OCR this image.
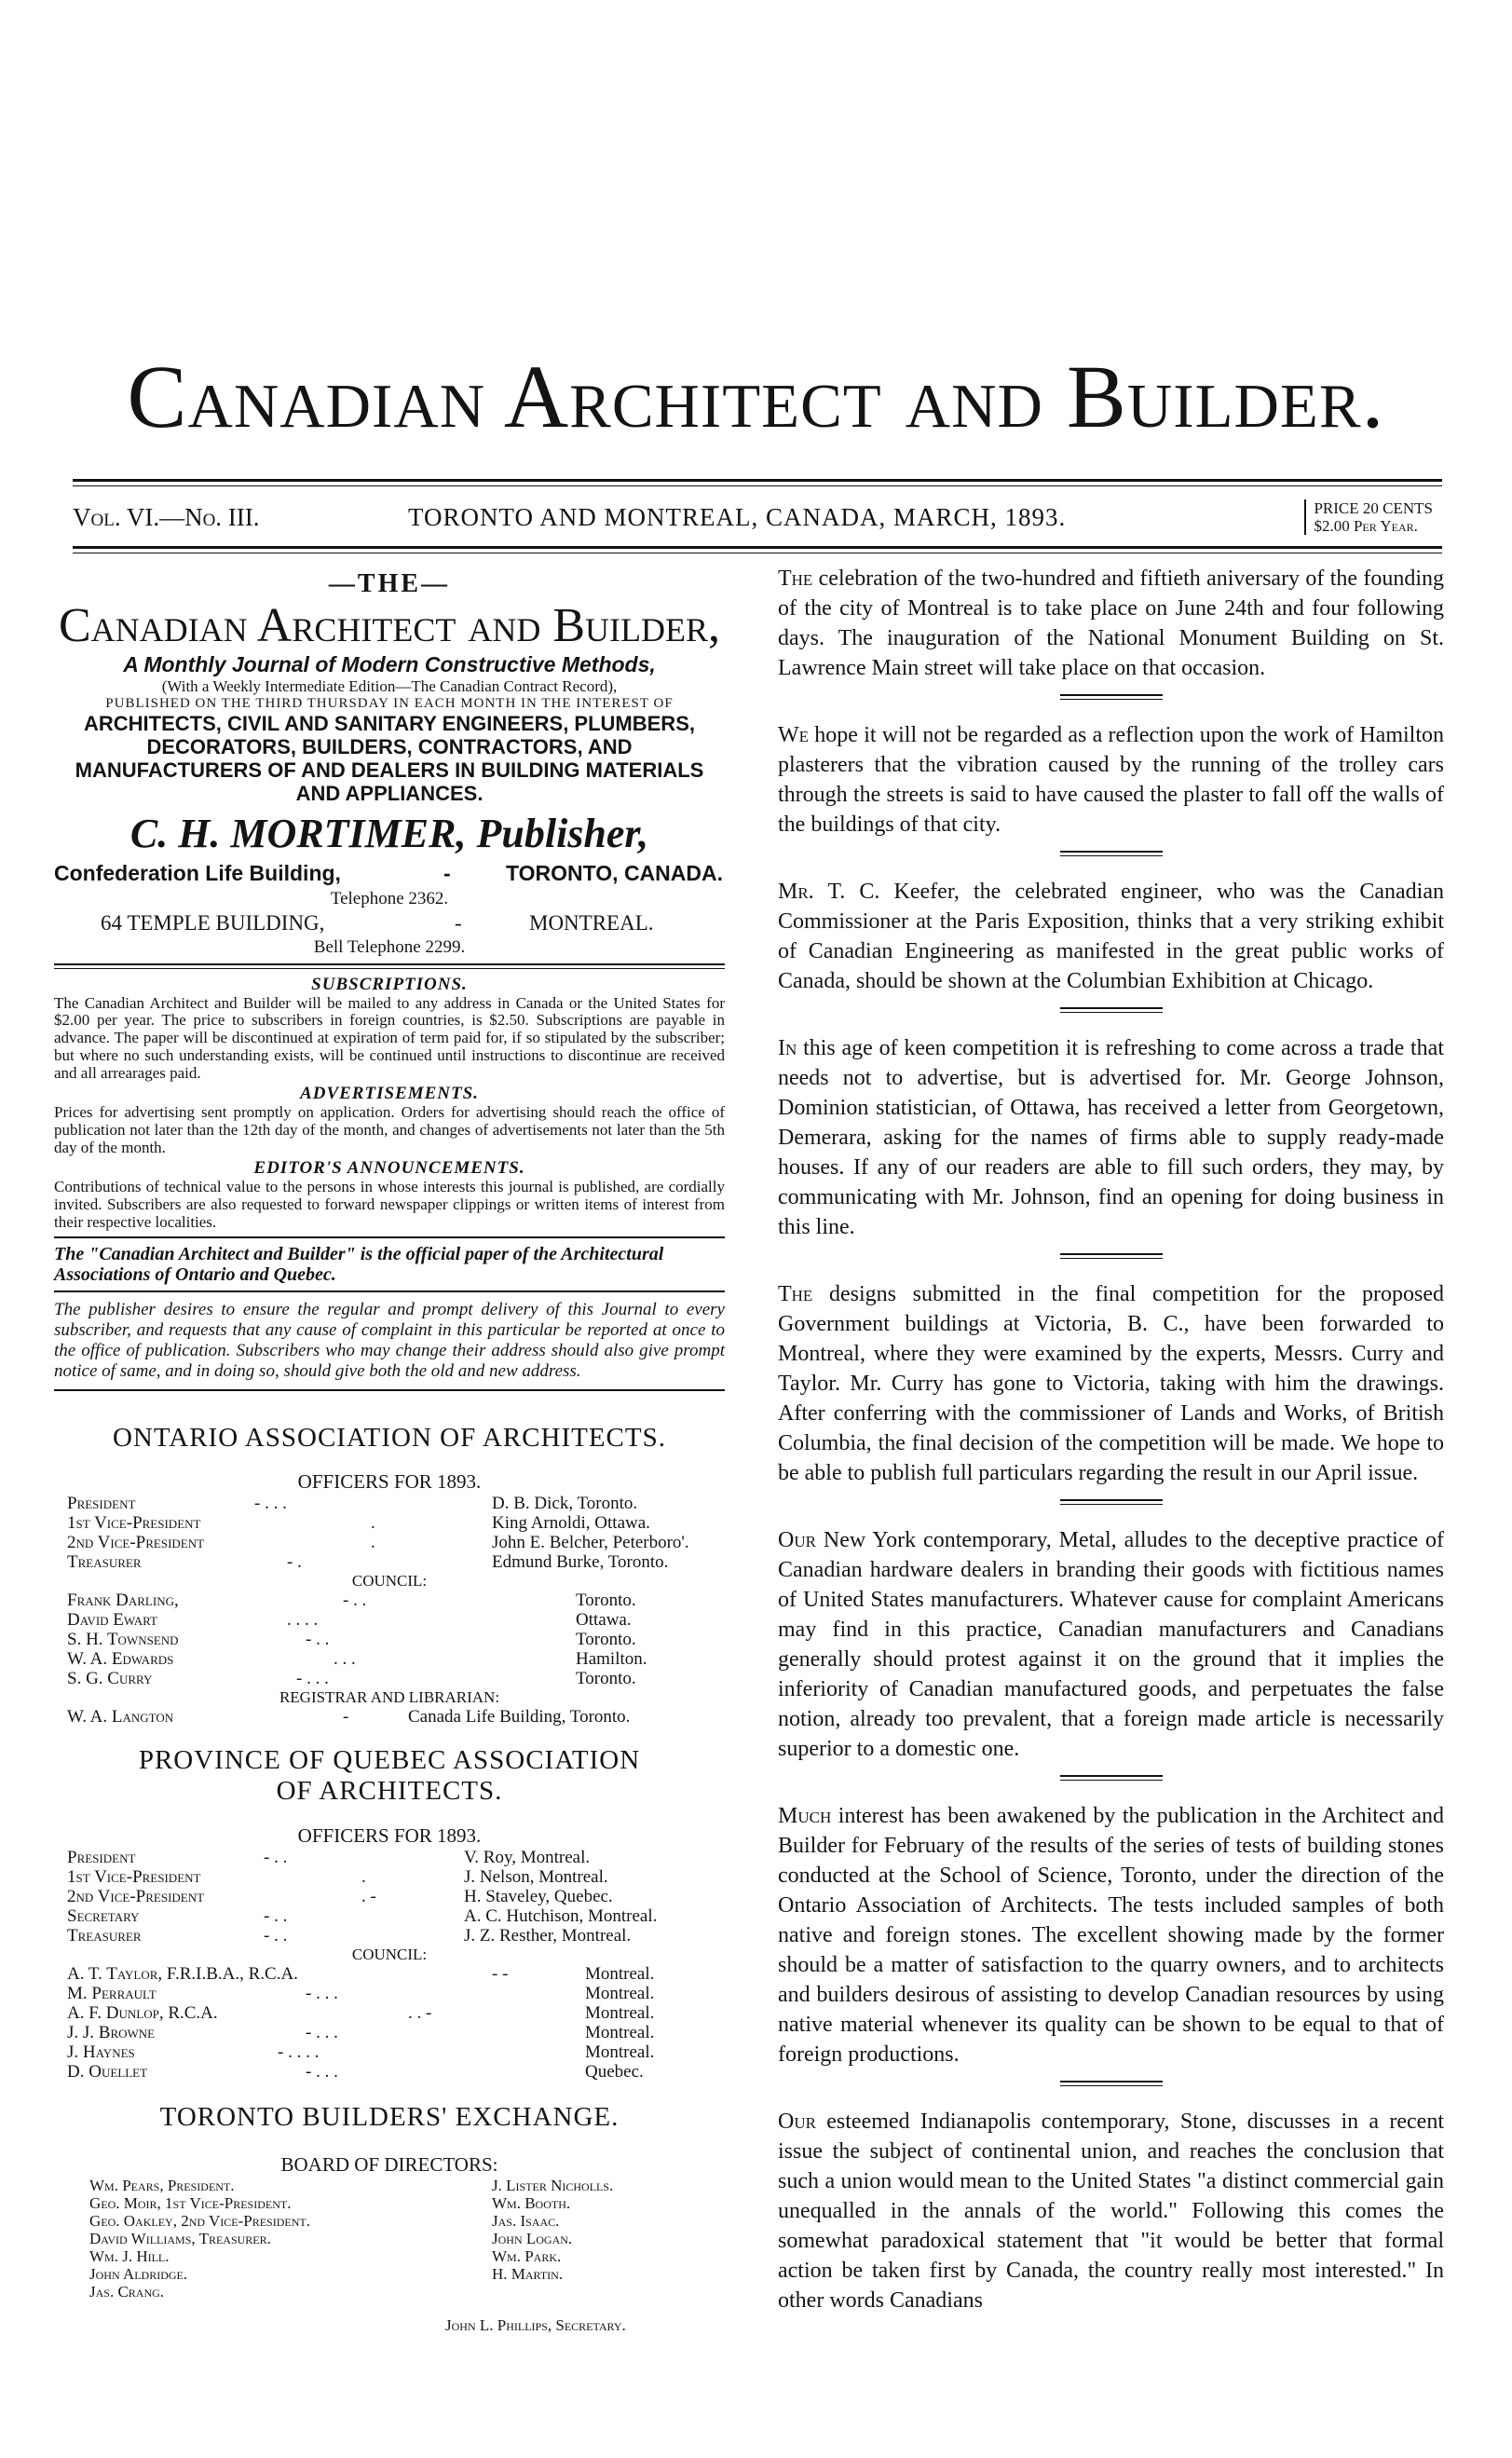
Canadian Architect and Builder.
Vol. VI.—No. III.	TORONTO AND MONTREAL, CANADA, MARCH, 1893.	PRICE 20 CENTS
$2.00 Per Year.
—THE—
Canadian Architect and Builder,
A Monthly Journal of Modern Constructive Methods,
(With a Weekly Intermediate Edition—The Canadian Contract Record),
PUBLISHED ON THE THIRD THURSDAY IN EACH MONTH IN THE INTEREST OF
ARCHITECTS, CIVIL AND SANITARY ENGINEERS, PLUMBERS, DECORATORS, BUILDERS, CONTRACTORS, AND MANUFACTURERS OF AND DEALERS IN BUILDING MATERIALS AND APPLIANCES.
C. H. MORTIMER, Publisher,
Confederation Life Building,	-	TORONTO, CANADA.
Telephone 2362.
64 TEMPLE BUILDING,	-	MONTREAL.
Bell Telephone 2299.
SUBSCRIPTIONS.
The Canadian Architect and Builder will be mailed to any address in Canada or the United States for $2.00 per year. The price to subscribers in foreign countries, is $2.50. Subscriptions are payable in advance. The paper will be discontinued at expiration of term paid for, if so stipulated by the subscriber; but where no such understanding exists, will be continued until instructions to discontinue are received and all arrearages paid.
ADVERTISEMENTS.
Prices for advertising sent promptly on application. Orders for advertising should reach the office of publication not later than the 12th day of the month, and changes of advertisements not later than the 5th day of the month.
EDITOR'S ANNOUNCEMENTS.
Contributions of technical value to the persons in whose interests this journal is published, are cordially invited. Subscribers are also requested to forward newspaper clippings or written items of interest from their respective localities.
The "Canadian Architect and Builder" is the official paper of the Architectural Associations of Ontario and Quebec.
The publisher desires to ensure the regular and prompt delivery of this Journal to every subscriber, and requests that any cause of complaint in this particular be reported at once to the office of publication. Subscribers who may change their address should also give prompt notice of same, and in doing so, should give both the old and new address.
ONTARIO ASSOCIATION OF ARCHITECTS.
OFFICERS FOR 1893.
President	- . . .	D. B. Dick, Toronto.
1st Vice-President	.	King Arnoldi, Ottawa.
2nd Vice-President	.	John E. Belcher, Peterboro'.
Treasurer	- .	Edmund Burke, Toronto.
COUNCIL:
Frank Darling,	- . .	Toronto.
David Ewart	. . . .	Ottawa.
S. H. Townsend	- . .	Toronto.
W. A. Edwards	. . .	Hamilton.
S. G. Curry	- . . .	Toronto.
REGISTRAR AND LIBRARIAN:
W. A. Langton	-	Canada Life Building, Toronto.
PROVINCE OF QUEBEC ASSOCIATION
OF ARCHITECTS.
OFFICERS FOR 1893.
President	- . .	V. Roy, Montreal.
1st Vice-President	.	J. Nelson, Montreal.
2nd Vice-President	. -	H. Staveley, Quebec.
Secretary	- . .	A. C. Hutchison, Montreal.
Treasurer	- . .	J. Z. Resther, Montreal.
COUNCIL:
A. T. Taylor, F.R.I.B.A., R.C.A.	- -	Montreal.
M. Perrault	- . . .	Montreal.
A. F. Dunlop, R.C.A.	. . -	Montreal.
J. J. Browne	- . . .	Montreal.
J. Haynes	- . . . .	Montreal.
D. Ouellet	- . . .	Quebec.
TORONTO BUILDERS' EXCHANGE.
BOARD OF DIRECTORS:
Wm. Pears, President.
Geo. Moir, 1st Vice-President.
Geo. Oakley, 2nd Vice-President.
David Williams, Treasurer.
Wm. J. Hill.
John Aldridge.
Jas. Crang.
J. Lister Nicholls.
Wm. Booth.
Jas. Isaac.
John Logan.
Wm. Park.
H. Martin.
John L. Phillips, Secretary.

The celebration of the two-hundred and fiftieth aniversary of the founding of the city of Montreal is to take place on June 24th and four following days. The inauguration of the National Monument Building on St. Lawrence Main street will take place on that occasion.

We hope it will not be regarded as a reflection upon the work of Hamilton plasterers that the vibration caused by the running of the trolley cars through the streets is said to have caused the plaster to fall off the walls of the buildings of that city.

Mr. T. C. Keefer, the celebrated engineer, who was the Canadian Commissioner at the Paris Exposition, thinks that a very striking exhibit of Canadian Engineering as manifested in the great public works of Canada, should be shown at the Columbian Exhibition at Chicago.

In this age of keen competition it is refreshing to come across a trade that needs not to advertise, but is advertised for. Mr. George Johnson, Dominion statistician, of Ottawa, has received a letter from Georgetown, Demerara, asking for the names of firms able to supply ready-made houses. If any of our readers are able to fill such orders, they may, by communicating with Mr. Johnson, find an opening for doing business in this line.

The designs submitted in the final competition for the proposed Government buildings at Victoria, B. C., have been forwarded to Montreal, where they were examined by the experts, Messrs. Curry and Taylor. Mr. Curry has gone to Victoria, taking with him the drawings. After conferring with the commissioner of Lands and Works, of British Columbia, the final decision of the competition will be made. We hope to be able to publish full particulars regarding the result in our April issue.

Our New York contemporary, Metal, alludes to the deceptive practice of Canadian hardware dealers in branding their goods with fictitious names of United States manufacturers. Whatever cause for complaint Americans may find in this practice, Canadian manufacturers and Canadians generally should protest against it on the ground that it implies the inferiority of Canadian manufactured goods, and perpetuates the false notion, already too prevalent, that a foreign made article is necessarily superior to a domestic one.

Much interest has been awakened by the publication in the Architect and Builder for February of the results of the series of tests of building stones conducted at the School of Science, Toronto, under the direction of the Ontario Association of Architects. The tests included samples of both native and foreign stones. The excellent showing made by the former should be a matter of satisfaction to the quarry owners, and to architects and builders desirous of assisting to develop Canadian resources by using native material whenever its quality can be shown to be equal to that of foreign productions.

Our esteemed Indianapolis contemporary, Stone, discusses in a recent issue the subject of continental union, and reaches the conclusion that such a union would mean to the United States "a distinct commercial gain unequalled in the annals of the world." Following this comes the somewhat paradoxical statement that "it would be better that formal action be taken first by Canada, the country really most interested." In other words Canadians
